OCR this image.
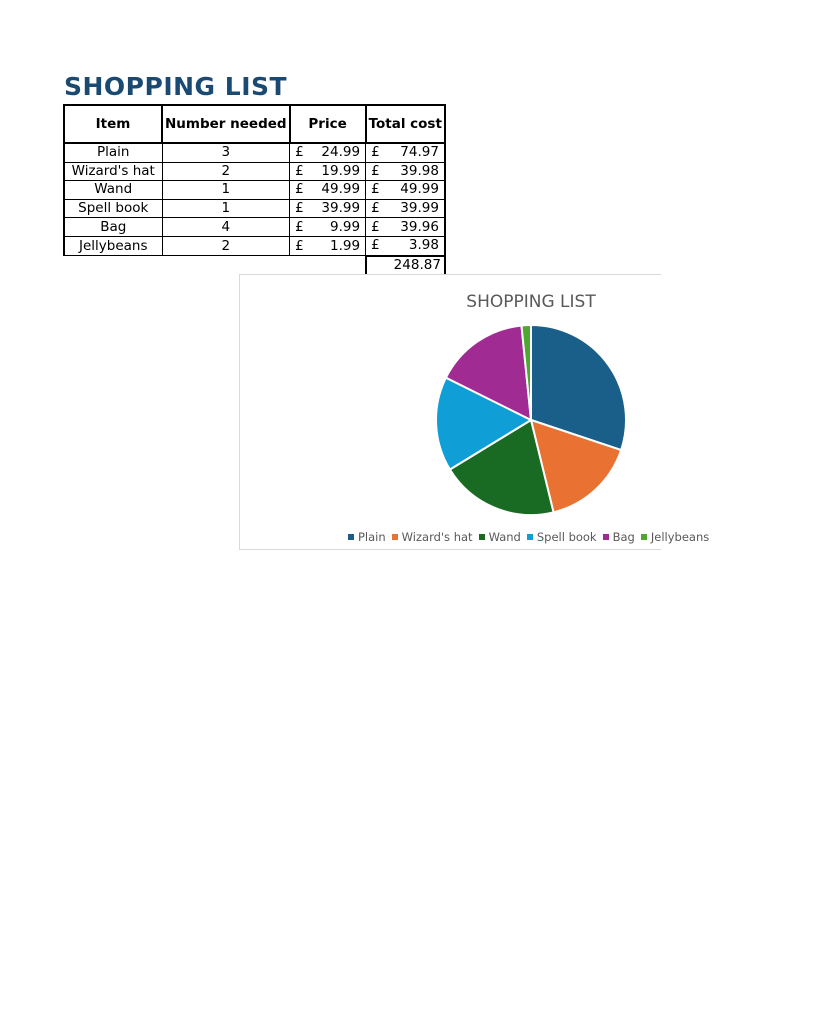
SHOPPING LIST
Item	Number needed	Price	Total cost
Plain	3	£ 24.99	£ 74.97

Wizard's hat	2	£ 19.99	£ 39.98

Wand	1	£ 49.99	£ 49.99

Spell book	1	£ 39.99	£ 39.99

Bag	4	£ 9.99	£ 39.96

Jellybeans	2	£ 1.99	£ 3.98

			248.87
SHOPPING LIST
Plain Wizard's hat Wand Spell book Bag Jellybeans
